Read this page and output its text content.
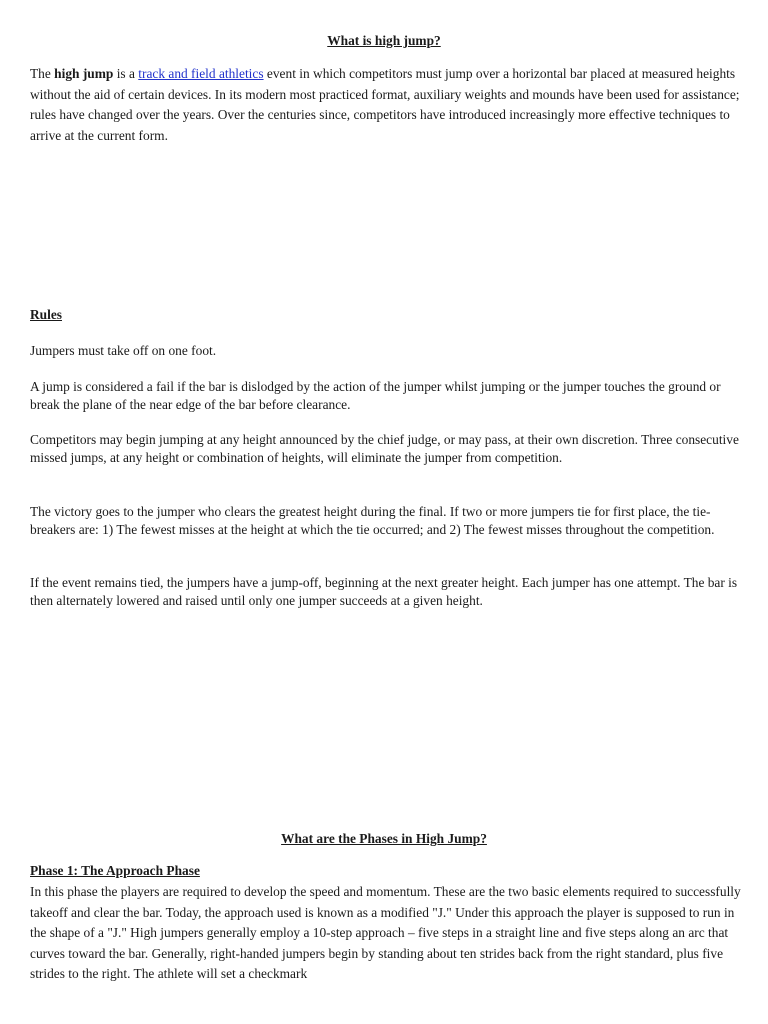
What is high jump?

The high jump is a track and field athletics event in which competitors must jump over a horizontal bar placed at measured heights without the aid of certain devices. In its modern most practiced format, auxiliary weights and mounds have been used for assistance; rules have changed over the years. Over the centuries since, competitors have introduced increasingly more effective techniques to arrive at the current form.

Rules

Jumpers must take off on one foot.

A jump is considered a fail if the bar is dislodged by the action of the jumper whilst jumping or the jumper touches the ground or break the plane of the near edge of the bar before clearance.

Competitors may begin jumping at any height announced by the chief judge, or may pass, at their own discretion. Three consecutive missed jumps, at any height or combination of heights, will eliminate the jumper from competition.

The victory goes to the jumper who clears the greatest height during the final. If two or more jumpers tie for first place, the tie-breakers are: 1) The fewest misses at the height at which the tie occurred; and 2) The fewest misses throughout the competition.

If the event remains tied, the jumpers have a jump-off, beginning at the next greater height. Each jumper has one attempt. The bar is then alternately lowered and raised until only one jumper succeeds at a given height.

What are the Phases in High Jump?

Phase 1: The Approach Phase

In this phase the players are required to develop the speed and momentum. These are the two basic elements required to successfully takeoff and clear the bar. Today, the approach used is known as a modified "J." Under this approach the player is supposed to run in the shape of a "J." High jumpers generally employ a 10-step approach – five steps in a straight line and five steps along an arc that curves toward the bar. Generally, right-handed jumpers begin by standing about ten strides back from the right standard, plus five strides to the right. The athlete will set a checkmark
